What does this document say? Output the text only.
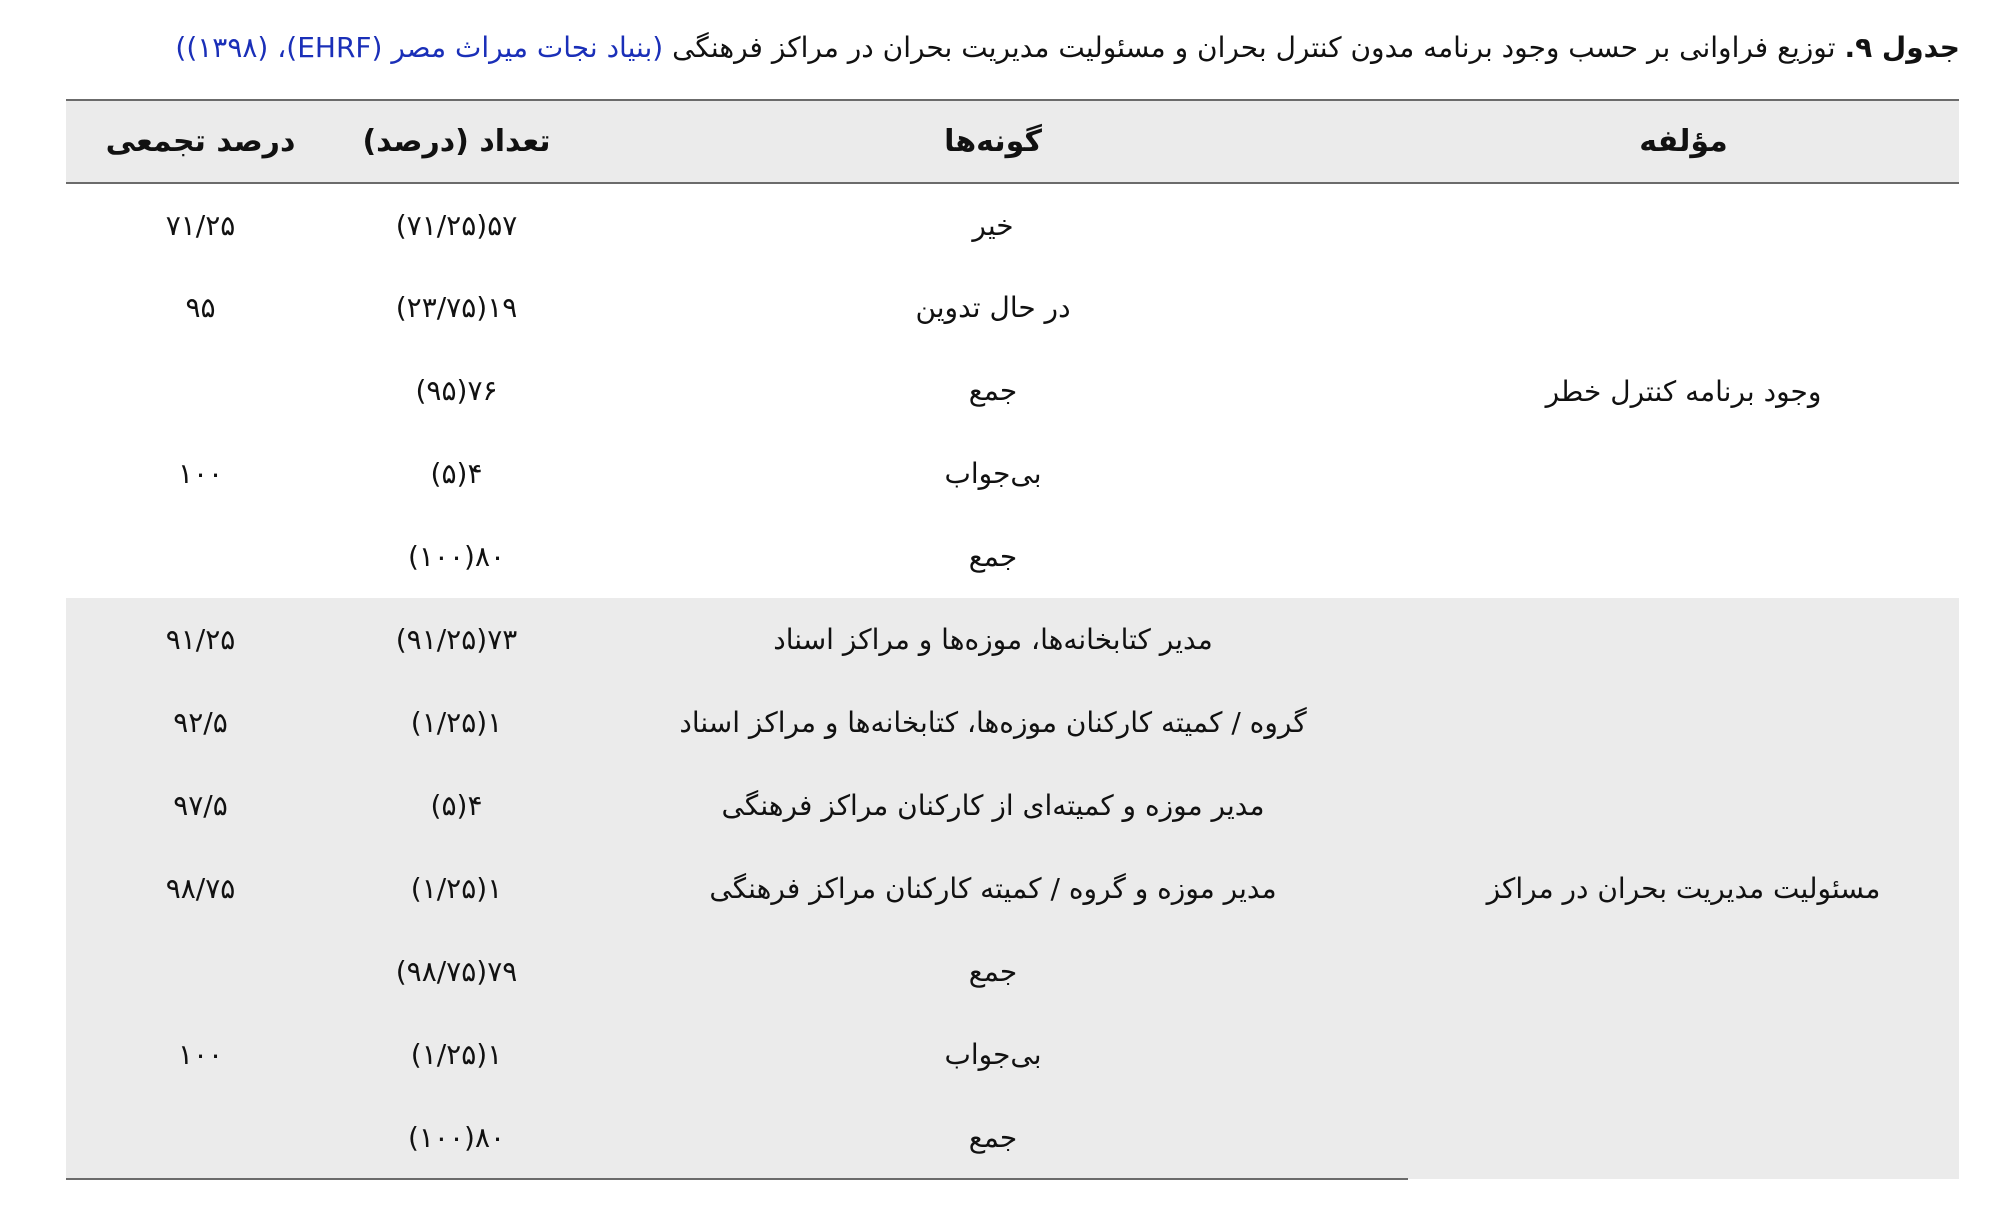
جدول ۹. توزیع فراوانی بر حسب وجود برنامه مدون کنترل بحران و مسئولیت مدیریت بحران در مراکز فرهنگی (بنیاد نجات میراث مصر (EHRF)، (۱۳۹۸))
مؤلفه	گونه‌ها	تعداد (درصد)	درصد تجمعی
وجود برنامه کنترل خطر	خیر	۵۷(۷۱/۲۵)	۷۱/۲۵
	در حال تدوین	۱۹(۲۳/۷۵)	۹۵
	جمع	۷۶(۹۵)	
	بی‌جواب	۴(۵)	۱۰۰
	جمع	۸۰(۱۰۰)	
مسئولیت مدیریت بحران در مراکز	مدیر کتابخانه‌ها، موزه‌ها و مراکز اسناد	۷۳(۹۱/۲۵)	۹۱/۲۵
	گروه / کمیته کارکنان موزه‌ها، کتابخانه‌ها و مراکز اسناد	۱(۱/۲۵)	۹۲/۵
	مدیر موزه و کمیته‌ای از کارکنان مراکز فرهنگی	۴(۵)	۹۷/۵
	مدیر موزه و گروه / کمیته کارکنان مراکز فرهنگی	۱(۱/۲۵)	۹۸/۷۵
	جمع	۷۹(۹۸/۷۵)	
	بی‌جواب	۱(۱/۲۵)	۱۰۰
	جمع	۸۰(۱۰۰)	
